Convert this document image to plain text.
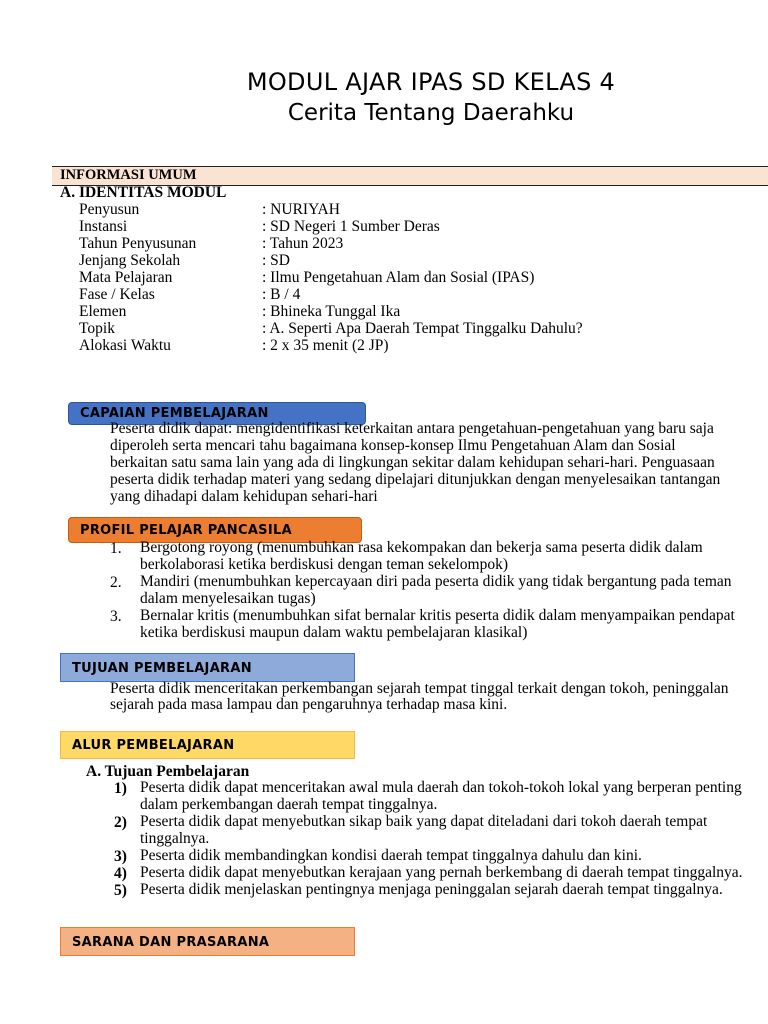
MODUL AJAR IPAS SD KELAS 4
Cerita Tentang Daerahku
INFORMASI UMUM
A. IDENTITAS MODUL
Penyusun	: NURIYAH
Instansi	: SD Negeri 1 Sumber Deras
Tahun Penyusunan	: Tahun 2023
Jenjang Sekolah	: SD
Mata Pelajaran	: Ilmu Pengetahuan Alam dan Sosial (IPAS)
Fase / Kelas	: B / 4
Elemen	: Bhineka Tunggal Ika
Topik	: A. Seperti Apa Daerah Tempat Tinggalku Dahulu?
Alokasi Waktu	: 2 x 35 menit (2 JP)
CAPAIAN PEMBELAJARAN
Peserta didik dapat: mengidentifikasi keterkaitan antara pengetahuan-pengetahuan yang baru saja
diperoleh serta mencari tahu bagaimana konsep-konsep Ilmu Pengetahuan Alam dan Sosial
berkaitan satu sama lain yang ada di lingkungan sekitar dalam kehidupan sehari-hari. Penguasaan
peserta didik terhadap materi yang sedang dipelajari ditunjukkan dengan menyelesaikan tantangan
yang dihadapi dalam kehidupan sehari-hari
PROFIL PELAJAR PANCASILA
1. Bergotong royong (menumbuhkan rasa kekompakan dan bekerja sama peserta didik dalam
berkolaborasi ketika berdiskusi dengan teman sekelompok)
2. Mandiri (menumbuhkan kepercayaan diri pada peserta didik yang tidak bergantung pada teman
dalam menyelesaikan tugas)
3. Bernalar kritis (menumbuhkan sifat bernalar kritis peserta didik dalam menyampaikan pendapat
ketika berdiskusi maupun dalam waktu pembelajaran klasikal)
TUJUAN PEMBELAJARAN
Peserta didik menceritakan perkembangan sejarah tempat tinggal terkait dengan tokoh, peninggalan
sejarah pada masa lampau dan pengaruhnya terhadap masa kini.
ALUR PEMBELAJARAN
A. Tujuan Pembelajaran
1) Peserta didik dapat menceritakan awal mula daerah dan tokoh-tokoh lokal yang berperan penting
dalam perkembangan daerah tempat tinggalnya.
2) Peserta didik dapat menyebutkan sikap baik yang dapat diteladani dari tokoh daerah tempat
tinggalnya.
3) Peserta didik membandingkan kondisi daerah tempat tinggalnya dahulu dan kini.
4) Peserta didik dapat menyebutkan kerajaan yang pernah berkembang di daerah tempat tinggalnya.
5) Peserta didik menjelaskan pentingnya menjaga peninggalan sejarah daerah tempat tinggalnya.
SARANA DAN PRASARANA
